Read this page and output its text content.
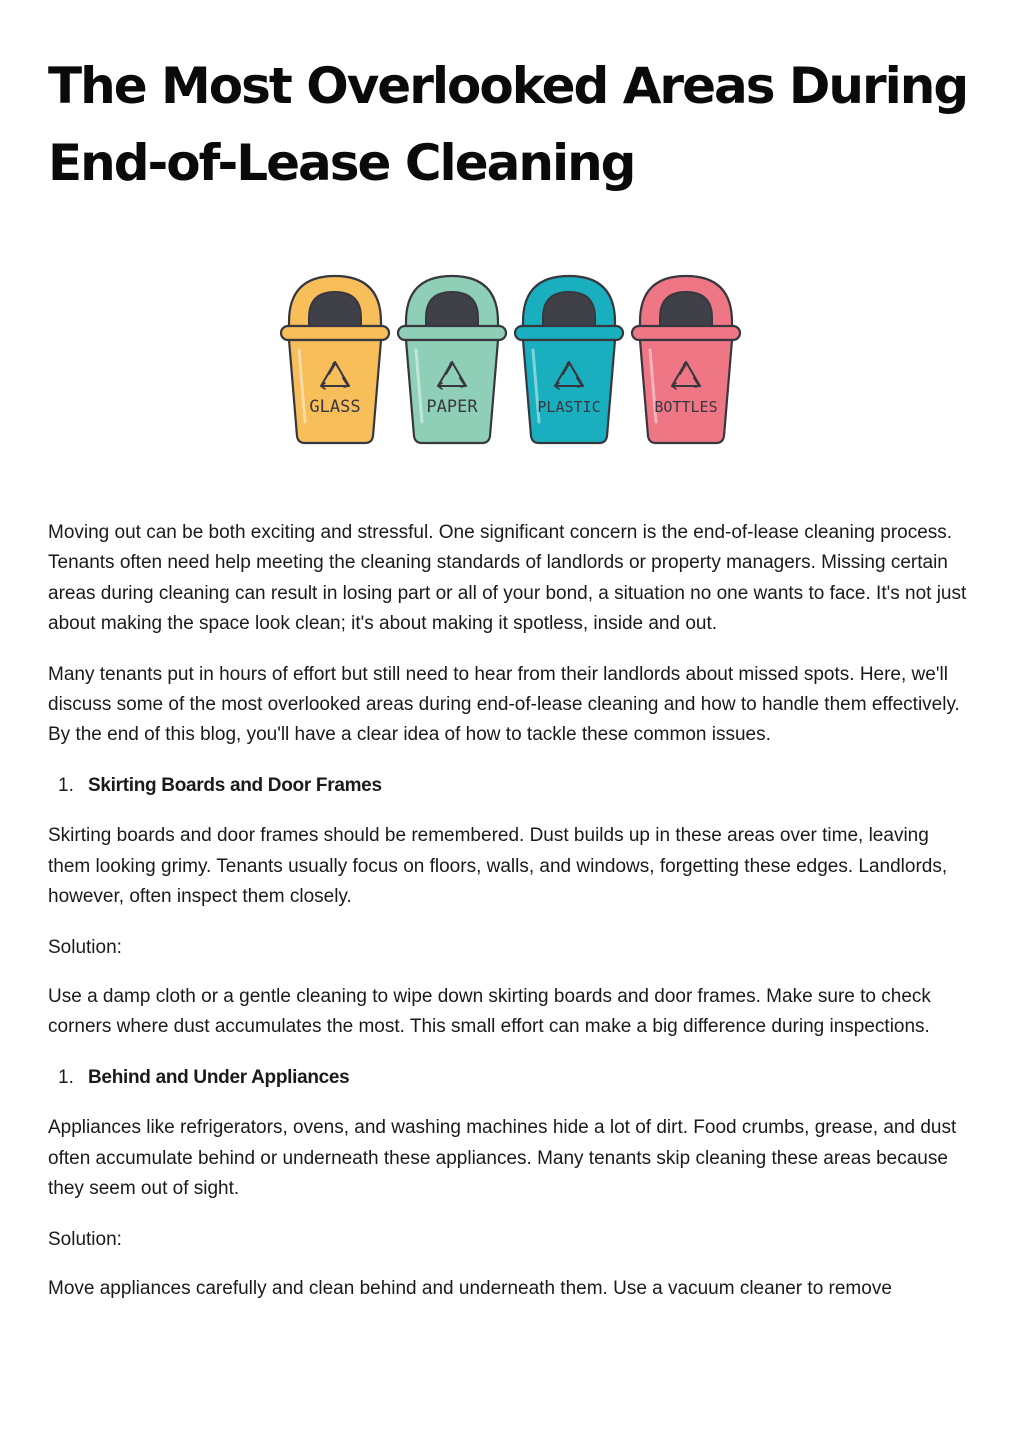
The Most Overlooked Areas During End-of-Lease Cleaning
GLASS	PAPER	PLASTIC	BOTTLES

Moving out can be both exciting and stressful. One significant concern is the end-of-lease cleaning process. Tenants often need help meeting the cleaning standards of landlords or property managers. Missing certain areas during cleaning can result in losing part or all of your bond, a situation no one wants to face. It's not just about making the space look clean; it's about making it spotless, inside and out.

Many tenants put in hours of effort but still need to hear from their landlords about missed spots. Here, we'll discuss some of the most overlooked areas during end-of-lease cleaning and how to handle them effectively. By the end of this blog, you'll have a clear idea of how to tackle these common issues.

1. Skirting Boards and Door Frames

Skirting boards and door frames should be remembered. Dust builds up in these areas over time, leaving them looking grimy. Tenants usually focus on floors, walls, and windows, forgetting these edges. Landlords, however, often inspect them closely.

Solution:

Use a damp cloth or a gentle cleaning to wipe down skirting boards and door frames. Make sure to check corners where dust accumulates the most. This small effort can make a big difference during inspections.

1. Behind and Under Appliances

Appliances like refrigerators, ovens, and washing machines hide a lot of dirt. Food crumbs, grease, and dust often accumulate behind or underneath these appliances. Many tenants skip cleaning these areas because they seem out of sight.

Solution:

Move appliances carefully and clean behind and underneath them. Use a vacuum cleaner to remove
